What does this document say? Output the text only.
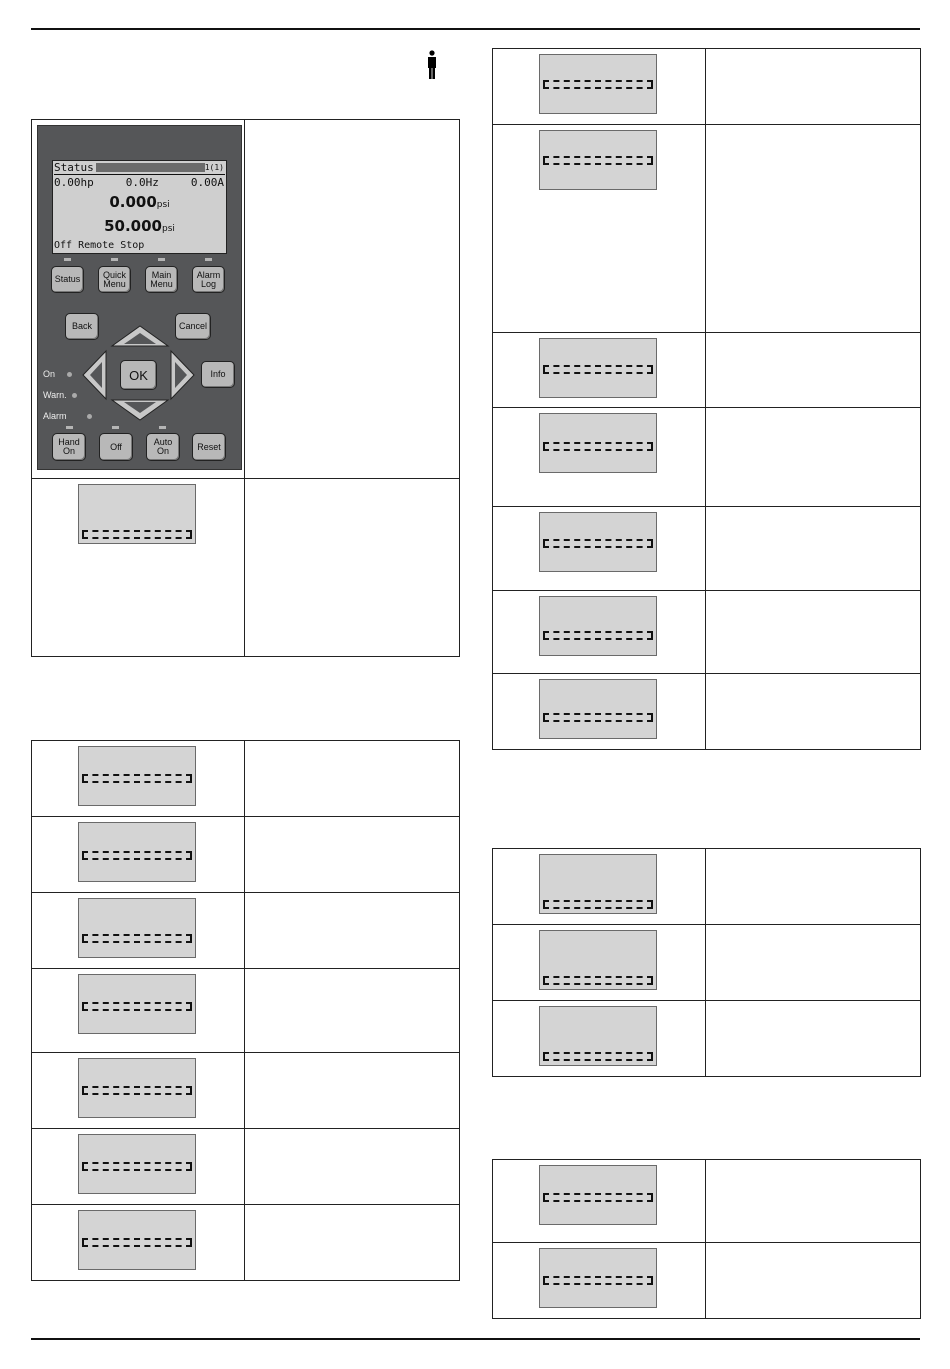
Status	1(1)
0.00hp	0.0Hz	0.00A
0.000psi
50.000psi
Off Remote Stop
Status	Quick
Menu
Main
Menu
Alarm
Log
Back	Cancel
OK	Info
On
Warn.
Alarm
Hand
On	Off	Auto
On	Reset
